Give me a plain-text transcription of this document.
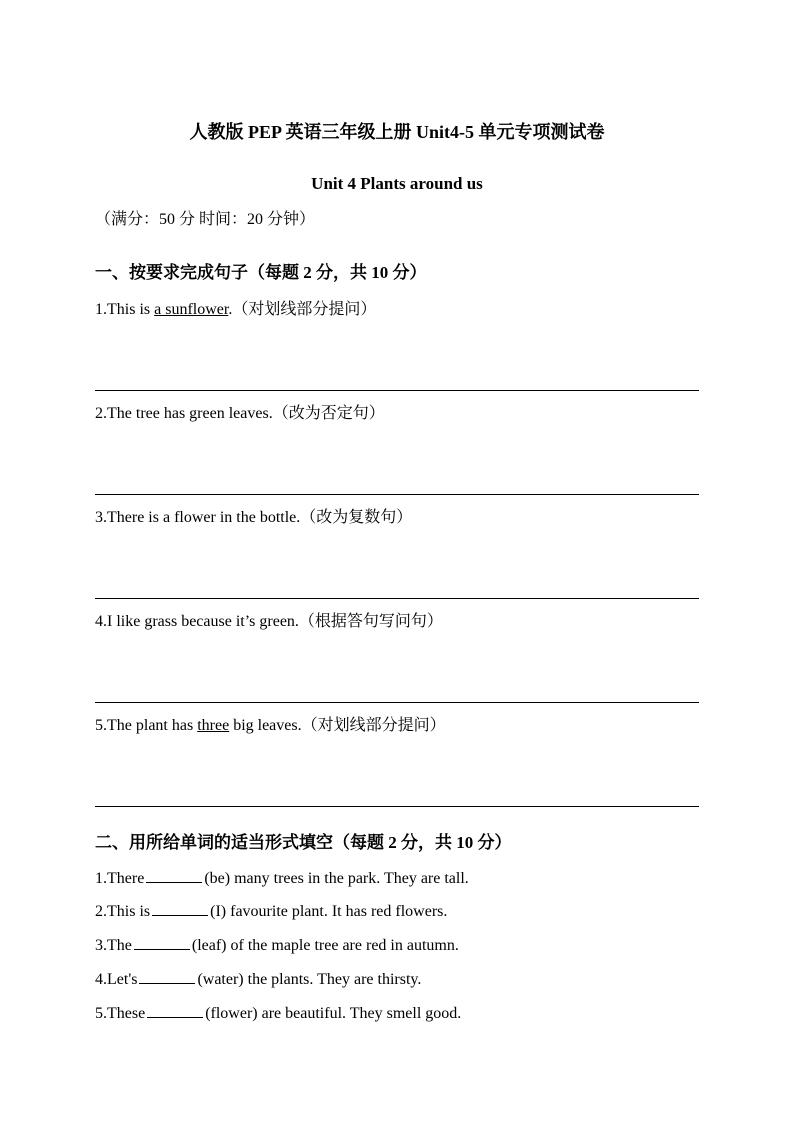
人教版 PEP 英语三年级上册 Unit4-5 单元专项测试卷
Unit 4 Plants around us
（满分：50 分 时间：20 分钟）
一、按要求完成句子（每题 2 分，共 10 分）
1.This is a sunflower.（对划线部分提问）
2.The tree has green leaves.（改为否定句）
3.There is a flower in the bottle.（改为复数句）
4.I like grass because it’s green.（根据答句写问句）
5.The plant has three big leaves.（对划线部分提问）
二、用所给单词的适当形式填空（每题 2 分，共 10 分）
1.There	(be) many trees in the park. They are tall.
2.This is	(I) favourite plant. It has red flowers.
3.The	(leaf) of the maple tree are red in autumn.
4.Let's	(water) the plants. They are thirsty.
5.These	(flower) are beautiful. They smell good.
